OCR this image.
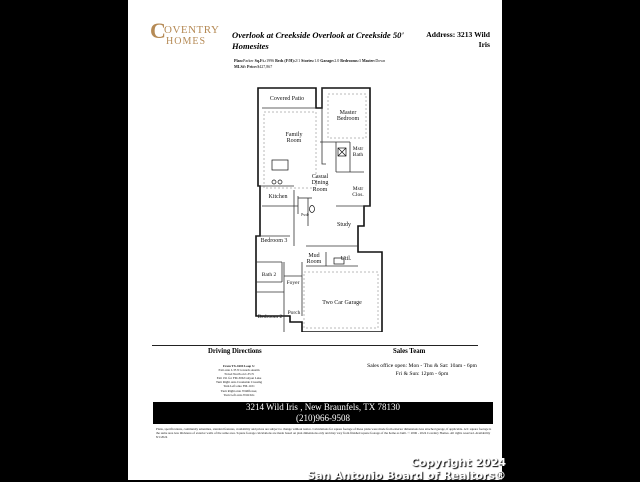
C
OVENTRY
HOMES
Overlook at Creekside Overlook at Creekside 50' Homesites
Address: 3213 Wild Iris
Plan:Parker Sq.Ft.:1996 Beds (F/H):2/1 Stories:1.0 Garage:2.0 Bedrooms:3 Master:Down
MLS#: Price:$427,867
Covered Patio
Master
Bedroom
Family
Room
Mstr
Bath
Casual
Dining
Room	Mstr
Clos.
Kitchen
Pwdr
Study
Bedroom 3
Mud
Room
Util.
Bath 2
Foyer
Two Car Garage
Porch
Bedroom 2
Driving Directions
From TX-1604 Loop S:
Exit onto I-35 N towards Austin
Travel North on I-35 N
Exit 191 for FM-306/Canyon Lake
Turn Right onto Creekside Crossing
Turn Left onto FM-1101
Turn Right onto Wildflower,
Turn Left onto Wild Iris
Sales Team
Sales office open: Mon - Thu & Sat: 10am - 6pm
Fri & Sun: 12pm - 6pm
3214 Wild Iris , New Braunfels, TX 78130
(210)966-9508
Plans, specifications, community amenities, standard features, availability and prices are subject to change without notice. Calculations for square footage of these plans were made from exterior dimensions less attached garage, if applicable. A/C square footage is the same area less thickness of exterior walls of the same area. Square footage calculations are made based on plan dimensions only and may vary from finished square footage of the home as built. © 2006 - 2024 Coventry Homes. All rights reserved. Availability 8/1/2024
Copyright 2024
San Antonio Board of Realtors®
